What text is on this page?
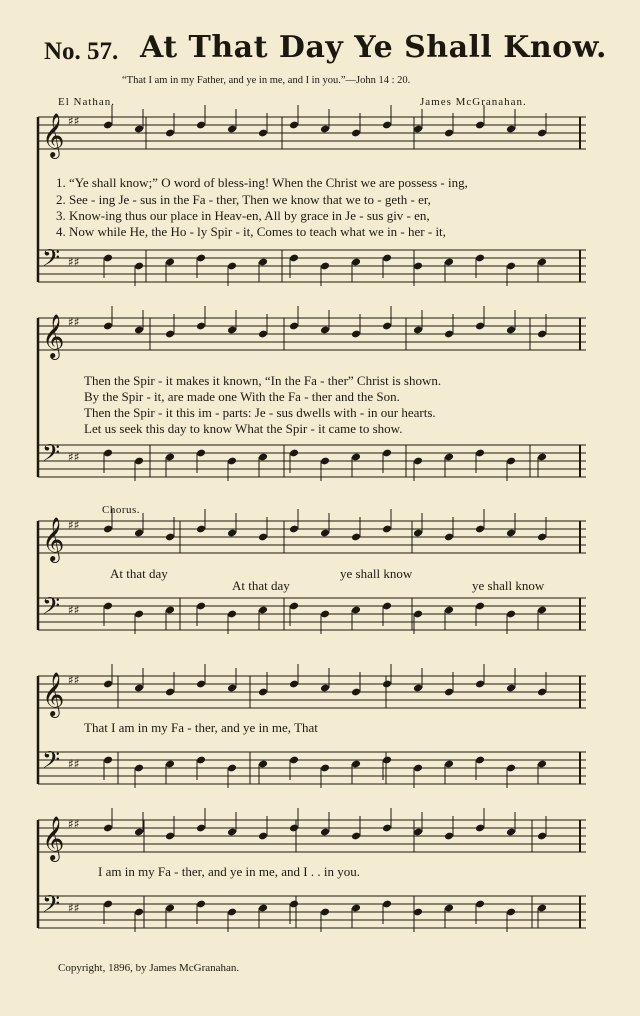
No. 57. At That Day Ye Shall Know.
“That I am in my Father, and ye in me, and I in you.”—John 14 : 20.
El Nathan.	James McGranahan.
𝄞 ♯♯
𝄢 ♯♯
𝄞 ♯♯
𝄢 ♯♯
𝄞 ♯♯
𝄢 ♯♯
𝄞 ♯♯
𝄢 ♯♯
𝄞 ♯♯
𝄢 ♯♯
1. “Ye shall know;” O word of bless-ing! When the Christ we are possess - ing,
2. See - ing Je - sus in the Fa - ther, Then we know that we to - geth - er,
3. Know-ing thus our place in Heav-en, All by grace in Je - sus giv - en,
4. Now while He, the Ho - ly Spir - it, Comes to teach what we in - her - it,
Then the Spir - it makes it known, “In the Fa - ther” Christ is shown.
By the Spir - it, are made one With the Fa - ther and the Son.
Then the Spir - it this im - parts: Je - sus dwells with - in our hearts.
Let us seek this day to know What the Spir - it came to show.
Chorus.
At that day	ye shall know
At that day	ye shall know
That I am in my Fa - ther, and ye in me, That
I am in my Fa - ther, and ye in me, and I . . in you.
Copyright, 1896, by James McGranahan.
